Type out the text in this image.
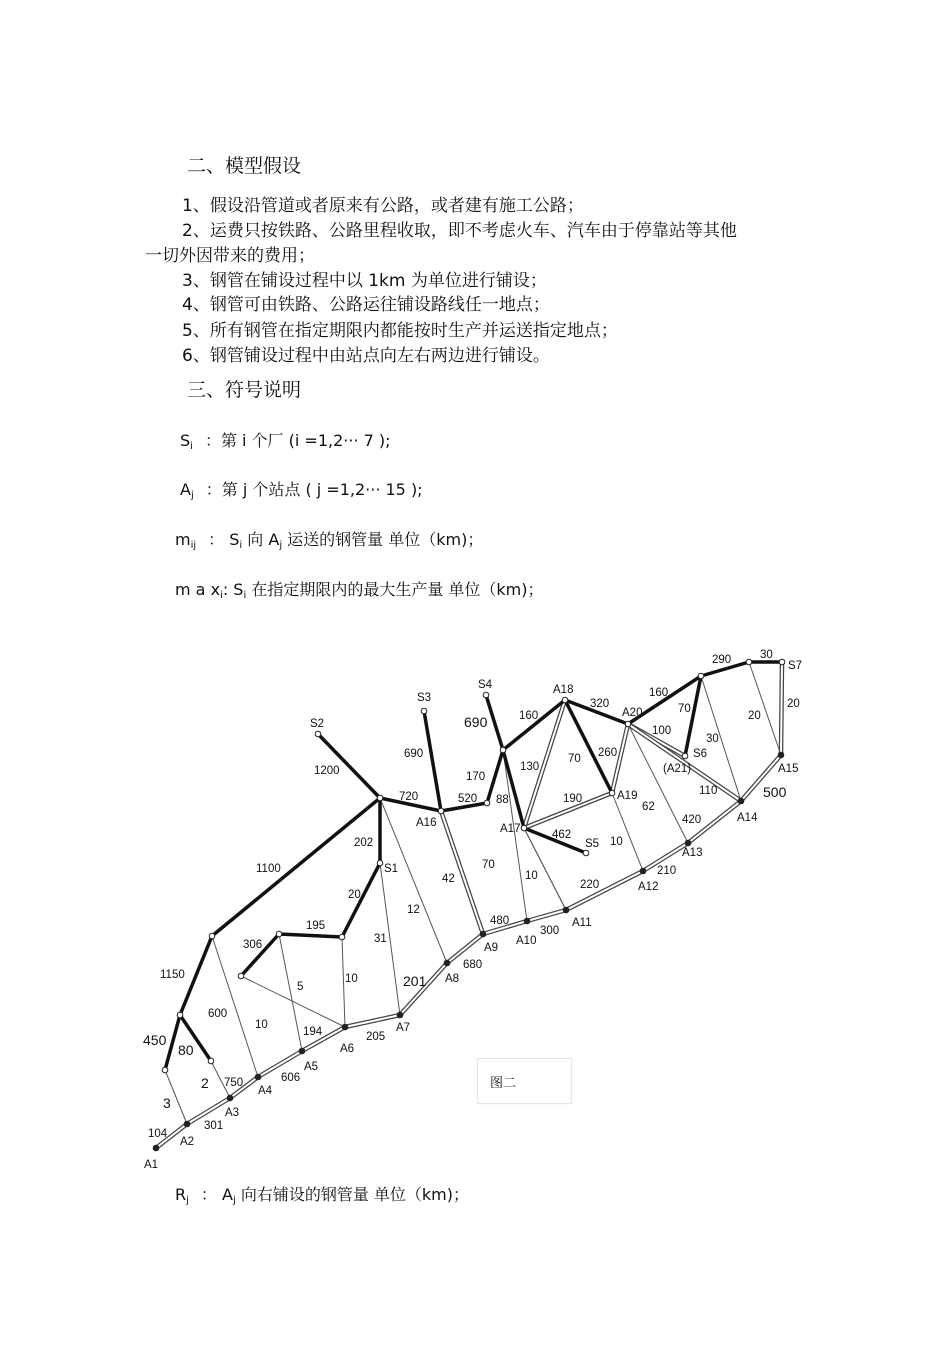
二、模型假设
1、假设沿管道或者原来有公路，或者建有施工公路；
2、运费只按铁路、公路里程收取，即不考虑火车、汽车由于停靠站等其他
一切外因带来的费用；
3、钢管在铺设过程中以 1km 为单位进行铺设；
4、钢管可由铁路、公路运往铺设路线任一地点；
5、所有钢管在指定期限内都能按时生产并运送指定地点；
6、钢管铺设过程中由站点向左右两边进行铺设。
三、符号说明
$S_i$ ：第 i 个厂 (i =1,2··· 7 );
$A_j$ ：第 j 个站点 ( j =1,2··· 15 );
$m_{ij}$ ： $S_i$ 向 $A_j$ 运送的钢管量 单位（km)；
m a $x_i$: $S_i$ 在指定期限内的最大生产量 单位（km)；
$R_j$ ： $A_j$ 向右铺设的钢管量 单位（km)；
图二
A1
A2
A3
A4
A5
A6
A7
A8
A9
A10
A11
A12
A13
A14
A15
A16	A17
A18
A19
A20
S6
S7
S1
S2
S3
S4
S5
(A21)
1200
690
690
720	520 88
170
202
20
1100
1150
600
450
80
2
3
104
301
750	606
194	205
201
680
480
300
220
210
420
500
20
30
290
320
160
160
190
70 260
462
10
70
42
12
31
195
306
5
10
10
70
100
30
110
62
10
130
20
